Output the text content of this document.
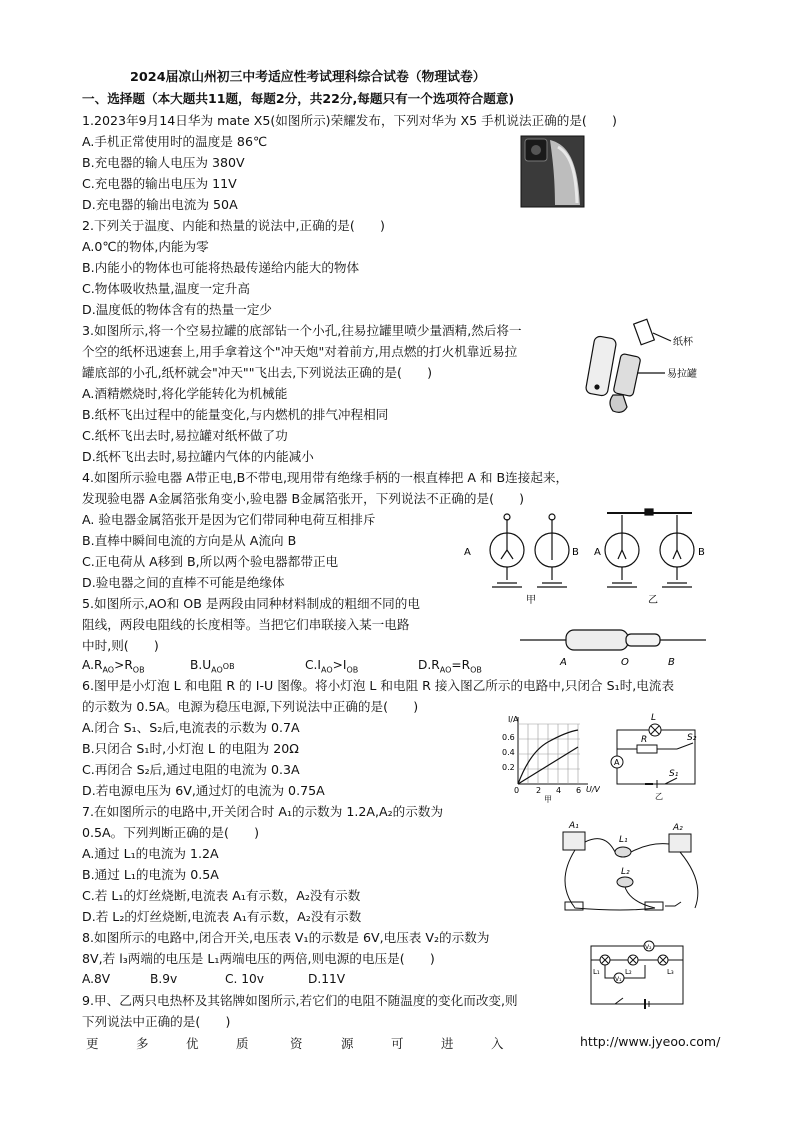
2024届凉山州初三中考适应性考试理科综合试卷（物理试卷）
一、选择题（本大题共11题，每题2分，共22分,每题只有一个选项符合题意)
1.2023年9月14日华为 mate X5(如图所示)荣耀发布，下列对华为 X5 手机说法正确的是(　　)
A.手机正常使用时的温度是 86℃
B.充电器的输人电压为 380V
C.充电器的输出电压为 11V
D.充电器的输出电流为 50A
2.下列关于温度、内能和热量的说法中,正确的是(　　)
A.0℃的物体,内能为零
B.内能小的物体也可能将热最传递给内能大的物体
C.物体吸收热量,温度一定升高
D.温度低的物体含有的热量一定少
3.如图所示,将一个空易拉罐的底部钻一个小孔,往易拉罐里喷少量酒精,然后将一
个空的纸杯迅速套上,用手拿着这个"冲天炮"对着前方,用点燃的打火机靠近易拉
罐底部的小孔,纸杯就会"冲天""飞出去,下列说法正确的是(　　)
A.酒精燃烧时,将化学能转化为机械能
B.纸杯飞出过程中的能量变化,与内燃机的排气冲程相同
C.纸杯飞出去时,易拉罐对纸杯做了功
D.纸杯飞出去时,易拉罐内气体的内能减小
纸杯
易拉罐
4.如图所示验电器 A带正电,B不带电,现用带有绝缘手柄的一根直棒把 A 和 B连接起来，
发现验电器 A金属箔张角变小,验电器 B金属箔张开，下列说法不正确的是(　　)
A. 验电器金属箔张开是因为它们带同种电荷互相排斥
B.直棒中瞬间电流的方向是从 A流向 B
C.正电荷从 A移到 B,所以两个验电器都带正电
D.验电器之间的直棒不可能是绝缘体
A	B A	B
甲	乙
5.如图所示,AO和 OB 是两段由同种材料制成的粗细不同的电
阻线，两段电阻线的长度相等。当把它们串联接入某一电路
中时,则(　　)
$A.R_{AO}>R_{OB}$	$B.U_{AO}OB$	$C.I_{AO}>I_{OB}$	$D.R_{AO}=R_{OB}$
A	O	B
6.图甲是小灯泡 L 和电阻 R 的 I-U 图像。将小灯泡 L 和电阻 R 接入图乙所示的电路中,只闭合 S₁时,电流表
的示数为 0.5A。电源为稳压电源,下列说法中正确的是(　　)
A.闭合 S₁、S₂后,电流表的示数为 0.7A
B.只闭合 S₁时,小灯泡 L 的电阻为 20Ω
C.再闭合 S₂后,通过电阻的电流为 0.3A
D.若电源电压为 6V,通过灯的电流为 0.75A
I/A
0.6
0.4
0.2
0 2 4 6 U/V
甲
L
R	S₂
A
S₁
乙
7.在如图所示的电路中,开关闭合时 A₁的示数为 1.2A,A₂的示数为
0.5A。下列判断正确的是(　　)
A.通过 L₁的电流为 1.2A
B.通过 L₁的电流为 0.5A
C.若 L₁的灯丝烧断,电流表 A₁有示数，A₂没有示数
D.若 L₂的灯丝烧断,电流表 A₁有示数，A₂没有示数
A₁
L₁
A₂
L₂
8.如图所示的电路中,闭合开关,电压表 V₁的示数是 6V,电压表 V₂的示数为
8V,若 l₃两端的电压是 L₁两端电压的两倍,则电源的电压是(　　)
A.8V	B.9v	C. 10v	D.11V	L₁	L₂	L₃
V₂
V₁
9.甲、乙两只电热杯及其铭牌如图所示,若它们的电阻不随温度的变化而改变,则
下列说法中正确的是(　　)
更	多	优	质	资	源	可	进	入	http://www.jyeoo.com/
